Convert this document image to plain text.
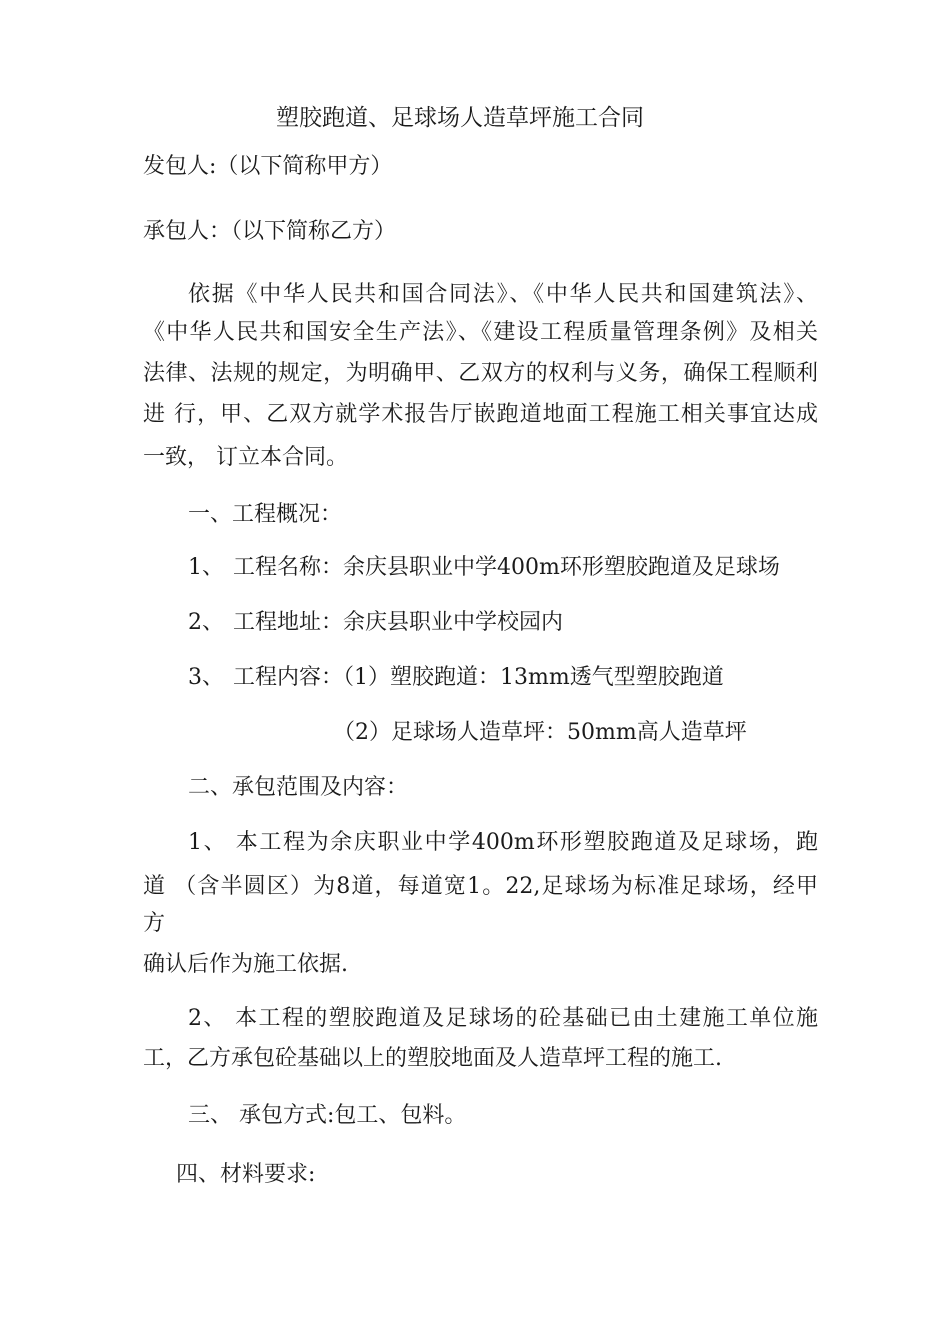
塑胶跑道、足球场人造草坪施工合同
发包人:（以下简称甲方）
承包人：（以下简称乙方）
依据《中华人民共和国合同法》、《中华人民共和国建筑法》、
《中华人民共和国安全生产法》、《建设工程质量管理条例》及相关
法律、法规的规定，为明确甲、乙双方的权利与义务，确保工程顺利
进 行，甲、乙双方就学术报告厅嵌跑道地面工程施工相关事宜达成
一致， 订立本合同。
一、工程概况：
1、 工程名称：余庆县职业中学400m环形塑胶跑道及足球场
2、 工程地址：余庆县职业中学校园内
3、 工程内容：（1）塑胶跑道：13mm透气型塑胶跑道
（2）足球场人造草坪：50mm高人造草坪
二、承包范围及内容：
1、 本工程为余庆职业中学400m环形塑胶跑道及足球场，跑
道 （含半圆区）为8道，每道宽1。22,足球场为标准足球场，经甲
方
确认后作为施工依据.
2、 本工程的塑胶跑道及足球场的砼基础已由土建施工单位施
工，乙方承包砼基础以上的塑胶地面及人造草坪工程的施工.
三、 承包方式:包工、包料。
四、材料要求:
